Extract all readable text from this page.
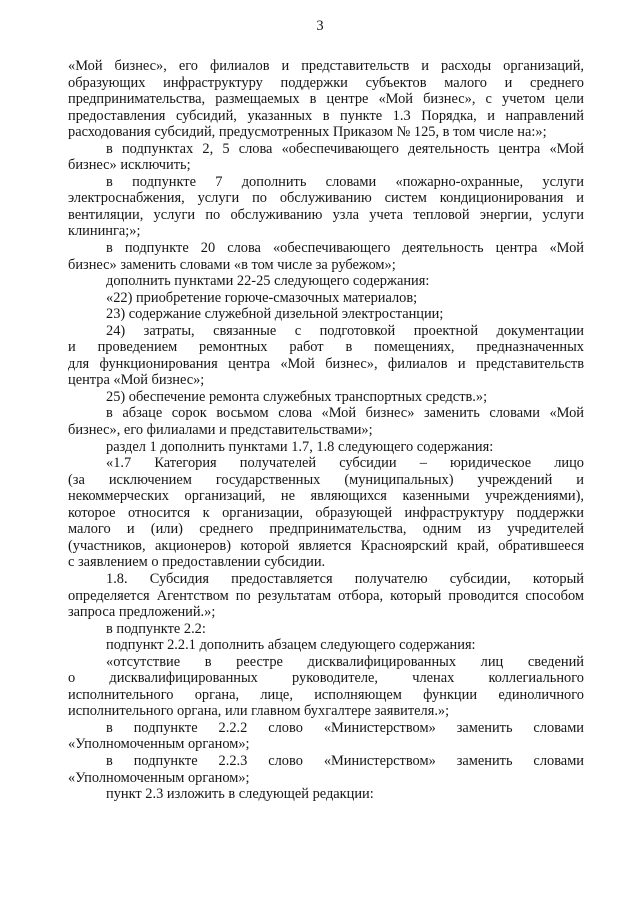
3
«Мой бизнес», его филиалов и представительств и расходы организаций,
образующих инфраструктуру поддержки субъектов малого и среднего
предпринимательства, размещаемых в центре «Мой бизнес», с учетом цели
предоставления субсидий, указанных в пункте 1.3 Порядка, и направлений
расходования субсидий, предусмотренных Приказом № 125, в том числе на:»;
в подпунктах 2, 5 слова «обеспечивающего деятельность центра «Мой
бизнес» исключить;
в подпункте 7 дополнить словами «пожарно-охранные, услуги
электроснабжения, услуги по обслуживанию систем кондиционирования и
вентиляции, услуги по обслуживанию узла учета тепловой энергии, услуги
клининга;»;
в подпункте 20 слова «обеспечивающего деятельность центра «Мой
бизнес» заменить словами «в том числе за рубежом»;
дополнить пунктами 22-25 следующего содержания:
«22) приобретение горюче-смазочных материалов;
23) содержание служебной дизельной электростанции;
24) затраты, связанные с подготовкой проектной документации
и проведением ремонтных работ в помещениях, предназначенных
для функционирования центра «Мой бизнес», филиалов и представительств
центра «Мой бизнес»;
25) обеспечение ремонта служебных транспортных средств.»;
в абзаце сорок восьмом слова «Мой бизнес» заменить словами «Мой
бизнес», его филиалами и представительствами»;
раздел 1 дополнить пунктами 1.7, 1.8 следующего содержания:
«1.7 Категория получателей субсидии – юридическое лицо
(за исключением государственных (муниципальных) учреждений и
некоммерческих организаций, не являющихся казенными учреждениями),
которое относится к организации, образующей инфраструктуру поддержки
малого и (или) среднего предпринимательства, одним из учредителей
(участников, акционеров) которой является Красноярский край, обратившееся
с заявлением о предоставлении субсидии.
1.8. Субсидия предоставляется получателю субсидии, который
определяется Агентством по результатам отбора, который проводится способом
запроса предложений.»;
в подпункте 2.2:
подпункт 2.2.1 дополнить абзацем следующего содержания:
«отсутствие в реестре дисквалифицированных лиц сведений
о дисквалифицированных руководителе, членах коллегиального
исполнительного органа, лице, исполняющем функции единоличного
исполнительного органа, или главном бухгалтере заявителя.»;
в подпункте 2.2.2 слово «Министерством» заменить словами
«Уполномоченным органом»;
в подпункте 2.2.3 слово «Министерством» заменить словами
«Уполномоченным органом»;
пункт 2.3 изложить в следующей редакции:
